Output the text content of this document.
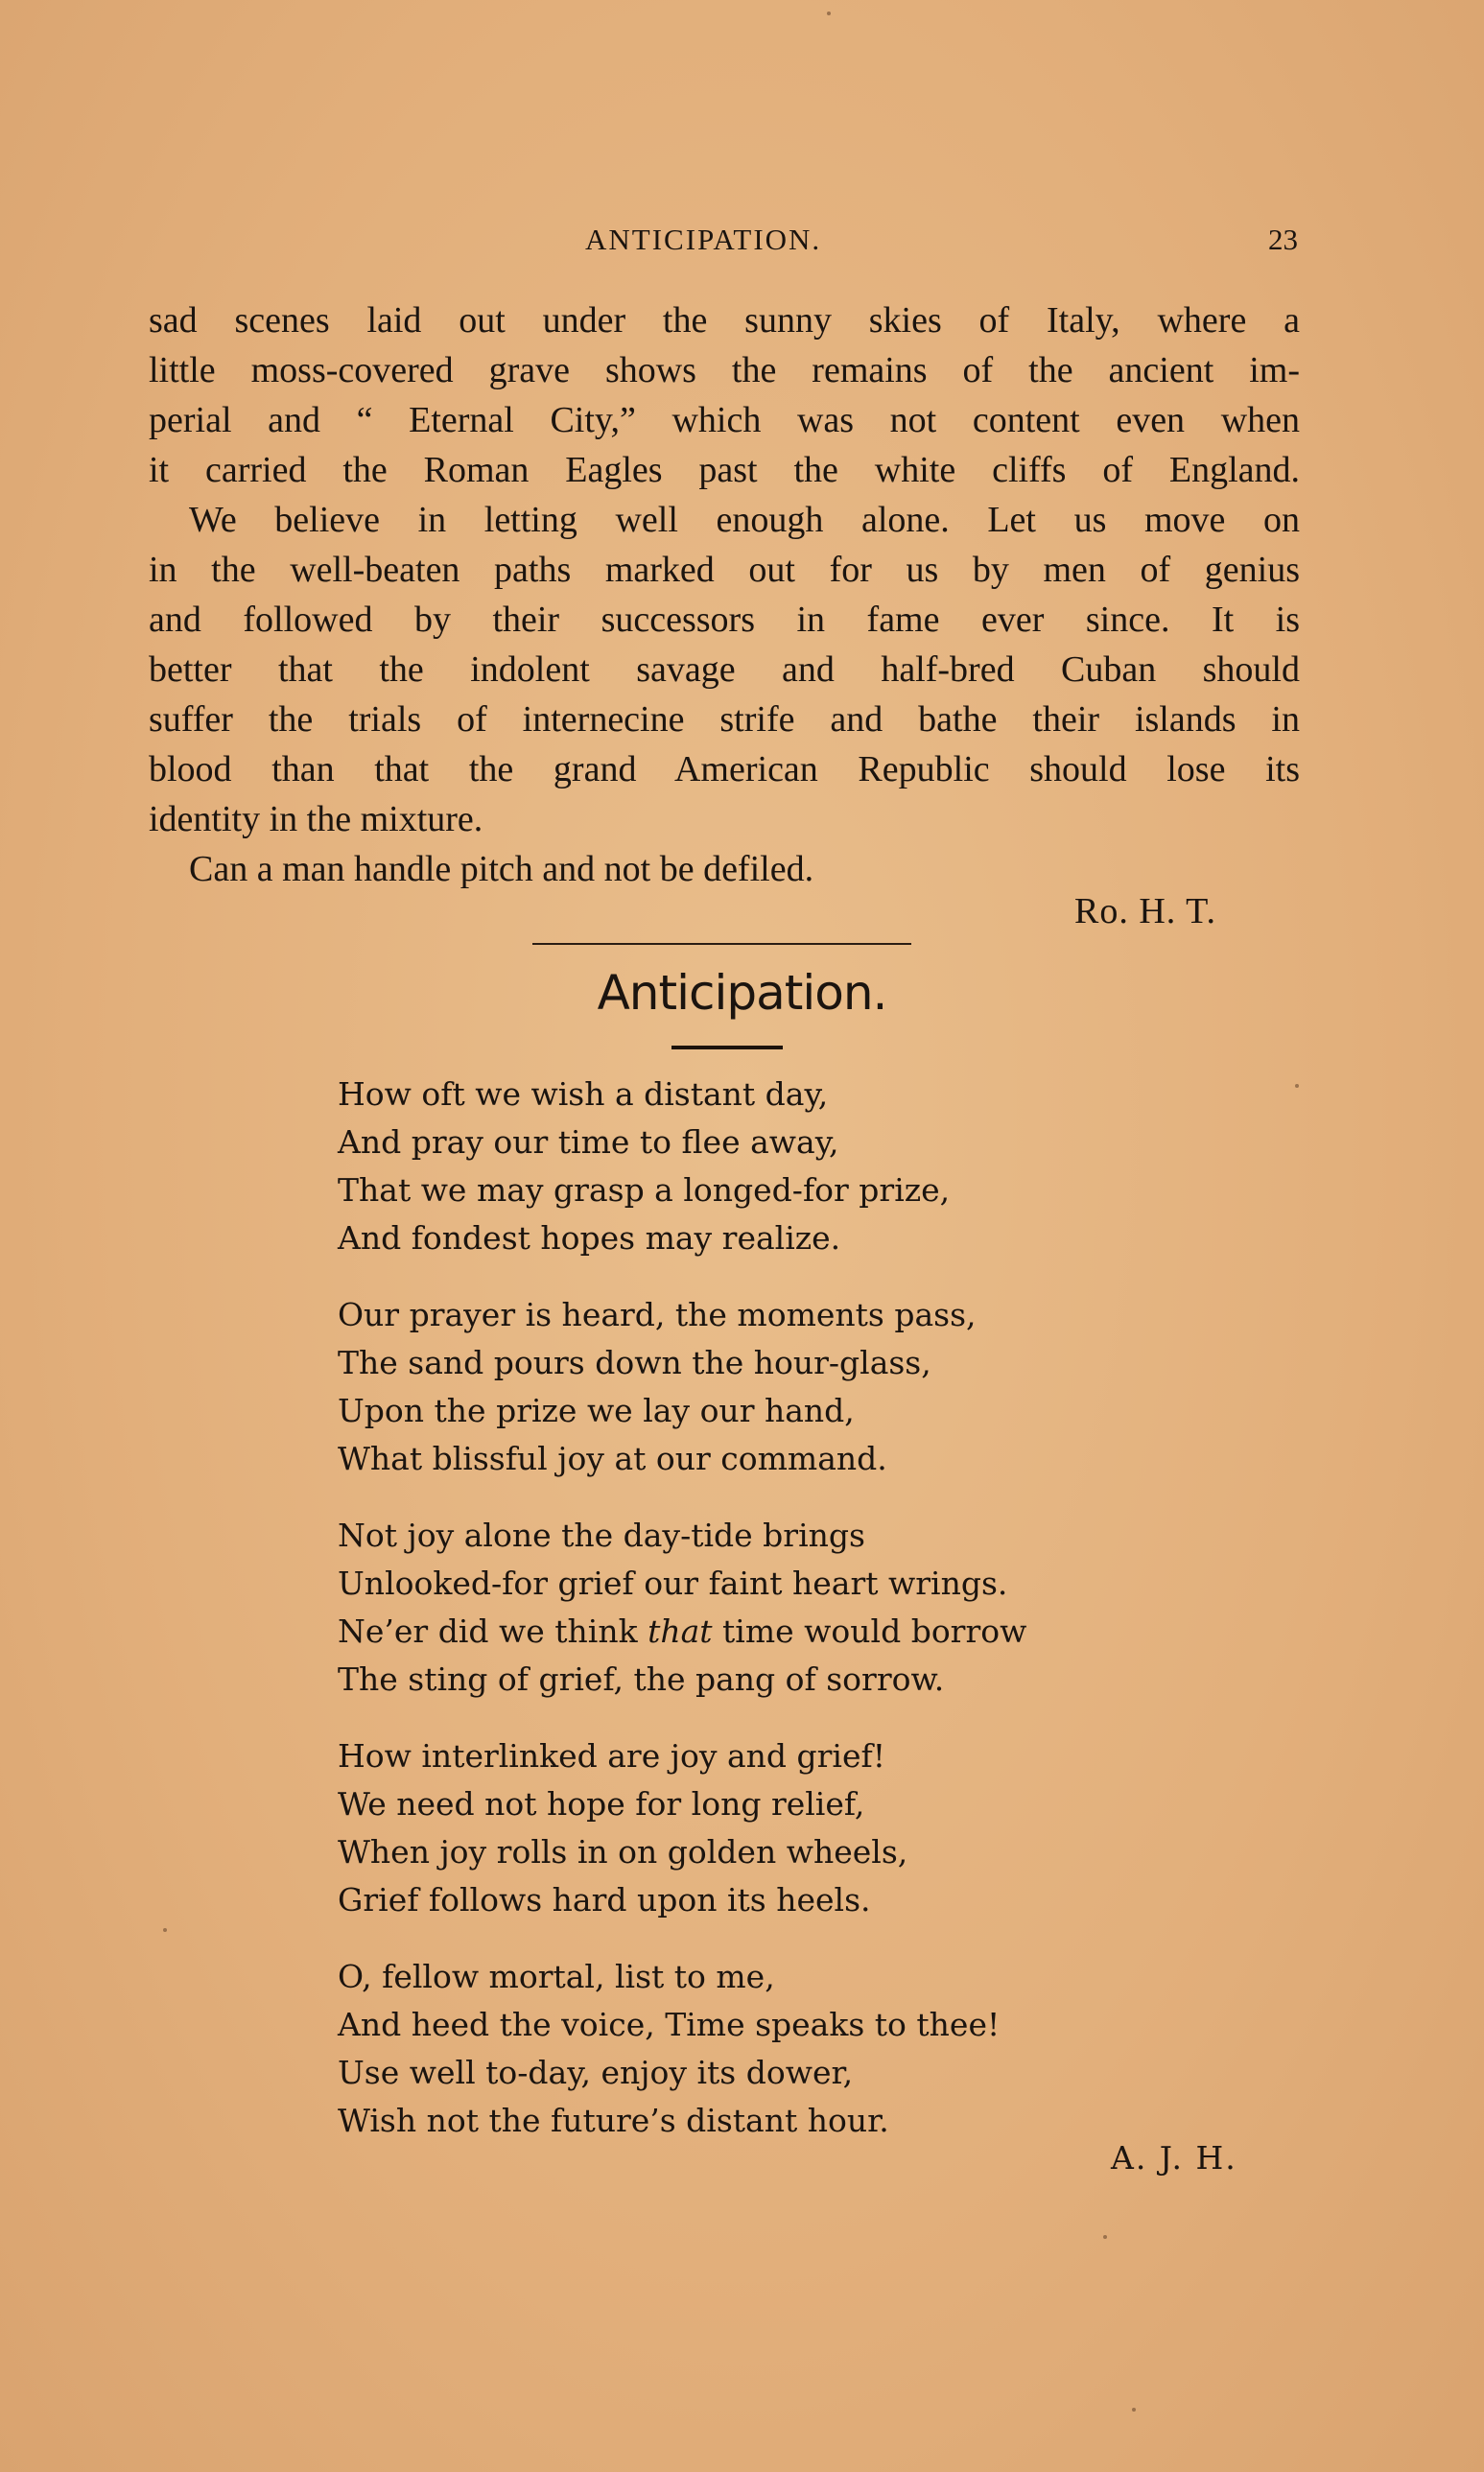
ANTICIPATION.	23
sad scenes laid out under the sunny skies of Italy, where a
little moss-covered grave shows the remains of the ancient im-
perial and “ Eternal City,” which was not content even when
it carried the Roman Eagles past the white cliffs of England.
We believe in letting well enough alone. Let us move on
in the well-beaten paths marked out for us by men of genius
and followed by their successors in fame ever since. It is
better that the indolent savage and half-bred Cuban should
suffer the trials of internecine strife and bathe their islands in
blood than that the grand American Republic should lose its
identity in the mixture.
Can a man handle pitch and not be defiled.
Ro. H. T.
Anticipation.
How oft we wish a distant day,
And pray our time to flee away,
That we may grasp a longed-for prize,
And fondest hopes may realize.
Our prayer is heard, the moments pass,
The sand pours down the hour-glass,
Upon the prize we lay our hand,
What blissful joy at our command.
Not joy alone the day-tide brings
Unlooked-for grief our faint heart wrings.
Ne’er did we think that time would borrow
The sting of grief, the pang of sorrow.
How interlinked are joy and grief!
We need not hope for long relief,
When joy rolls in on golden wheels,
Grief follows hard upon its heels.
O, fellow mortal, list to me,
And heed the voice, Time speaks to thee!
Use well to-day, enjoy its dower,
Wish not the future’s distant hour.
A. J. H.
